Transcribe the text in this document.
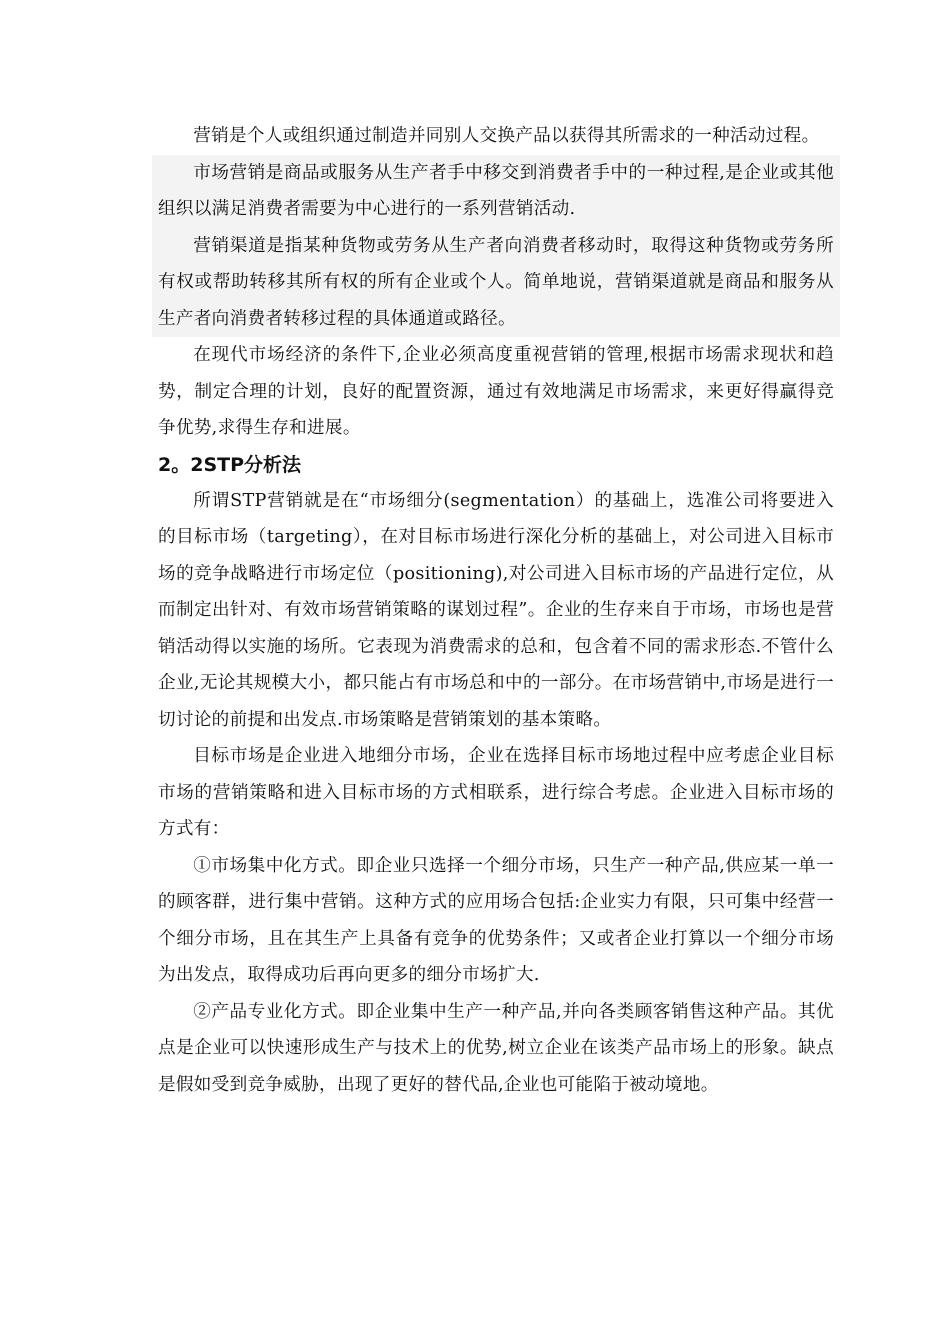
营销是个人或组织通过制造并同别人交换产品以获得其所需求的一种活动过程。

市场营销是商品或服务从生产者手中移交到消费者手中的一种过程,是企业或其他组织以满足消费者需要为中心进行的一系列营销活动.

营销渠道是指某种货物或劳务从生产者向消费者移动时，取得这种货物或劳务所有权或帮助转移其所有权的所有企业或个人。简单地说，营销渠道就是商品和服务从生产者向消费者转移过程的具体通道或路径。

在现代市场经济的条件下,企业必须高度重视营销的管理,根据市场需求现状和趋势，制定合理的计划，良好的配置资源，通过有效地满足市场需求，来更好得赢得竞争优势,求得生存和进展。

2。2STP分析法

所谓STP营销就是在“市场细分(segmentation）的基础上，选准公司将要进入的目标市场（targeting），在对目标市场进行深化分析的基础上，对公司进入目标市场的竞争战略进行市场定位（positioning),对公司进入目标市场的产品进行定位，从而制定出针对、有效市场营销策略的谋划过程”。企业的生存来自于市场，市场也是营销活动得以实施的场所。它表现为消费需求的总和，包含着不同的需求形态.不管什么企业,无论其规模大小，都只能占有市场总和中的一部分。在市场营销中,市场是进行一切讨论的前提和出发点.市场策略是营销策划的基本策略。

目标市场是企业进入地细分市场，企业在选择目标市场地过程中应考虑企业目标市场的营销策略和进入目标市场的方式相联系，进行综合考虑。企业进入目标市场的方式有：

①市场集中化方式。即企业只选择一个细分市场，只生产一种产品,供应某一单一的顾客群，进行集中营销。这种方式的应用场合包括:企业实力有限，只可集中经营一个细分市场，且在其生产上具备有竞争的优势条件；又或者企业打算以一个细分市场为出发点，取得成功后再向更多的细分市场扩大.

②产品专业化方式。即企业集中生产一种产品,并向各类顾客销售这种产品。其优点是企业可以快速形成生产与技术上的优势,树立企业在该类产品市场上的形象。缺点是假如受到竞争威胁，出现了更好的替代品,企业也可能陷于被动境地。
